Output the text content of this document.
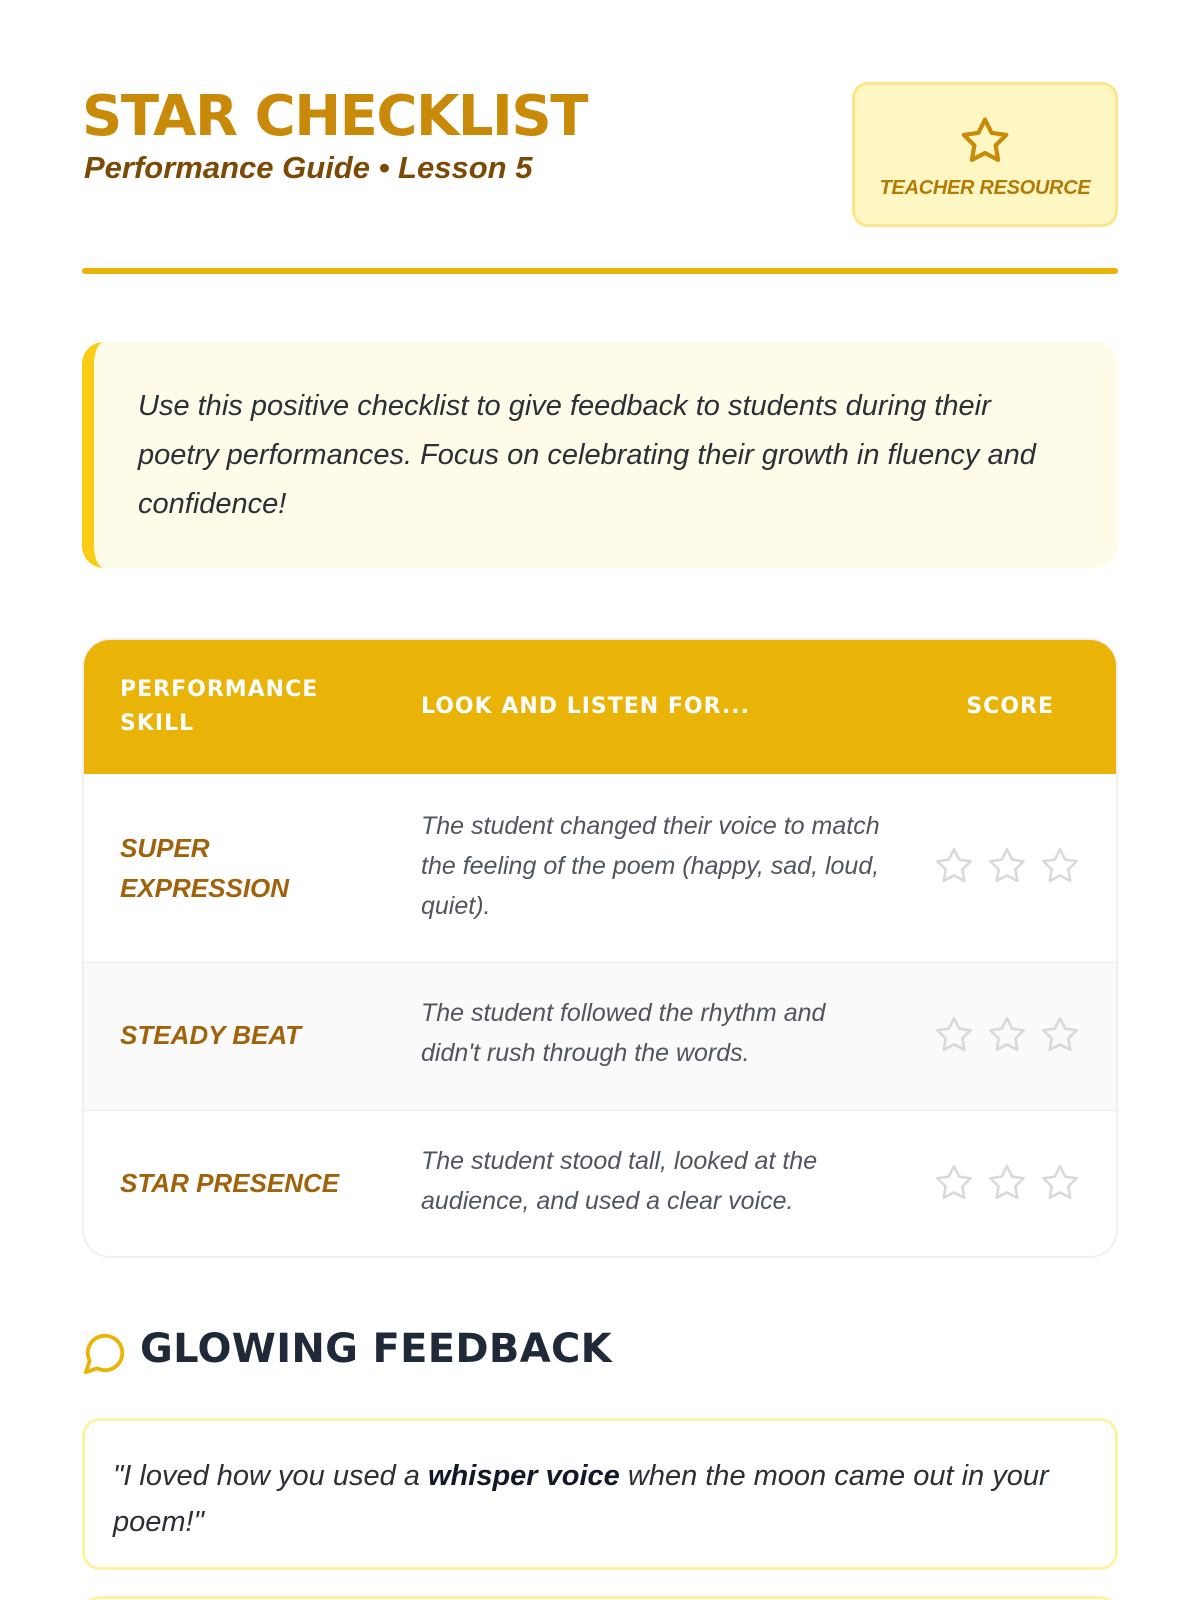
STAR CHECKLIST
Performance Guide • Lesson 5
TEACHER RESOURCE

Use this positive checklist to give feedback to students during their poetry performances. Focus on celebrating their growth in fluency and confidence!

PERFORMANCE SKILL
LOOK AND LISTEN FOR...	SCORE
SUPER EXPRESSION
The student changed their voice to match the feeling of the poem (happy, sad, loud, quiet).
STEADY BEAT
The student followed the rhythm and didn't rush through the words.
STAR PRESENCE
The student stood tall, looked at the audience, and used a clear voice.
GLOWING FEEDBACK

"I loved how you used a whisper voice when the moon came out in your poem!"
